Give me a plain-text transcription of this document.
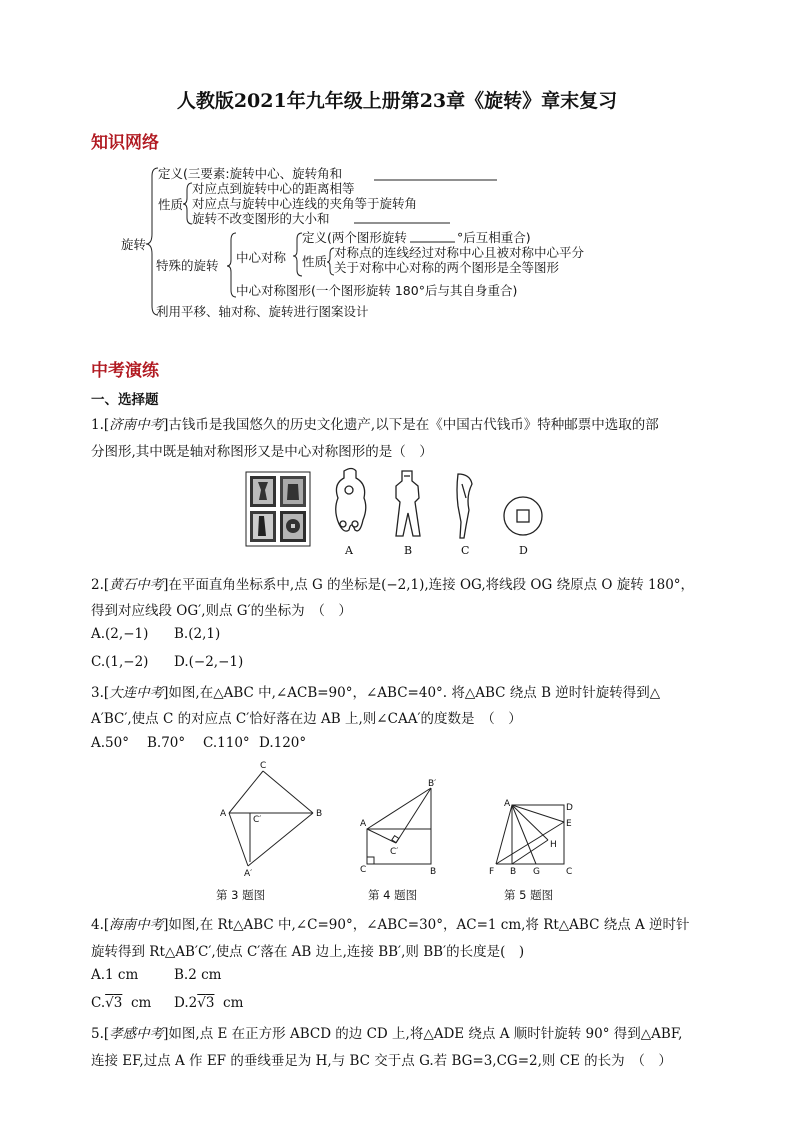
人教版2021年九年级上册第23章《旋转》章末复习
知识网络
定义(三要素:旋转中心、旋转角和
性质
对应点到旋转中心的距离相等
对应点与旋转中心连线的夹角等于旋转角
旋转不改变图形的大小和
旋转
特殊的旋转
中心对称
定义(两个图形旋转	°后互相重合)
性质
对称点的连线经过对称中心且被对称中心平分
关于对称中心对称的两个图形是全等图形
中心对称图形(一个图形旋转 180°后与其自身重合)
利用平移、轴对称、旋转进行图案设计
中考演练
一、选择题
1.[济南中考]古钱币是我国悠久的历史文化遗产,以下是在《中国古代钱币》特种邮票中选取的部
分图形,其中既是轴对称图形又是中心对称图形的是（　）
A	B	C	D
2.[黄石中考]在平面直角坐标系中,点 G 的坐标是(−2,1),连接 OG,将线段 OG 绕原点 O 旋转 180°，
得到对应线段 OG′,则点 G′的坐标为　（　）
A.(2,−1) B.(2,1)
C.(1,−2) D.(−2,−1)
3.[大连中考]如图,在△ABC 中,∠ACB=90°，∠ABC=40°. 将△ABC 绕点 B 逆时针旋转得到△
A′BC′,使点 C 的对应点 C′恰好落在边 AB 上,则∠CAA′的度数是　（　）
A.50° B.70° C.110° D.120°
C
A
C′
B
A′
B′
A
C′
C	B
A	D
E
H
F B G	C
第 3 题图	第 4 题图	第 5 题图
4.[海南中考]如图,在 Rt△ABC 中,∠C=90°，∠ABC=30°，AC=1 cm,将 Rt△ABC 绕点 A 逆时针
旋转得到 Rt△AB′C′,使点 C′落在 AB 边上,连接 BB′,则 BB′的长度是(　)
A.1 cm	B.2 cm
C.√3 cm D.2√3 cm
5.[孝感中考]如图,点 E 在正方形 ABCD 的边 CD 上,将△ADE 绕点 A 顺时针旋转 90° 得到△ABF,
连接 EF,过点 A 作 EF 的垂线垂足为 H,与 BC 交于点 G.若 BG=3,CG=2,则 CE 的长为　（　）
